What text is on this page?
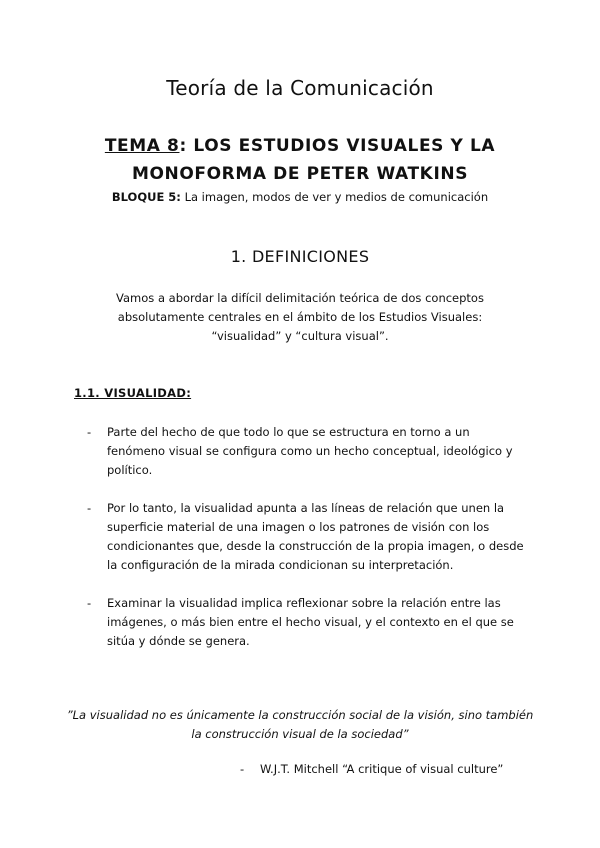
Teoría de la Comunicación
TEMA 8: LOS ESTUDIOS VISUALES Y LA MONOFORMA DE PETER WATKINS
BLOQUE 5: La imagen, modos de ver y medios de comunicación
1. DEFINICIONES
Vamos a abordar la difícil delimitación teórica de dos conceptos absolutamente centrales en el ámbito de los Estudios Visuales: “visualidad” y “cultura visual”.
1.1. VISUALIDAD:
- Parte del hecho de que todo lo que se estructura en torno a un fenómeno visual se configura como un hecho conceptual, ideológico y político.
- Por lo tanto, la visualidad apunta a las líneas de relación que unen la superficie material de una imagen o los patrones de visión con los condicionantes que, desde la construcción de la propia imagen, o desde la configuración de la mirada condicionan su interpretación.
- Examinar la visualidad implica reflexionar sobre la relación entre las imágenes, o más bien entre el hecho visual, y el contexto en el que se sitúa y dónde se genera.
”La visualidad no es únicamente la construcción social de la visión, sino también la construcción visual de la sociedad”
- W.J.T. Mitchell “A critique of visual culture”
